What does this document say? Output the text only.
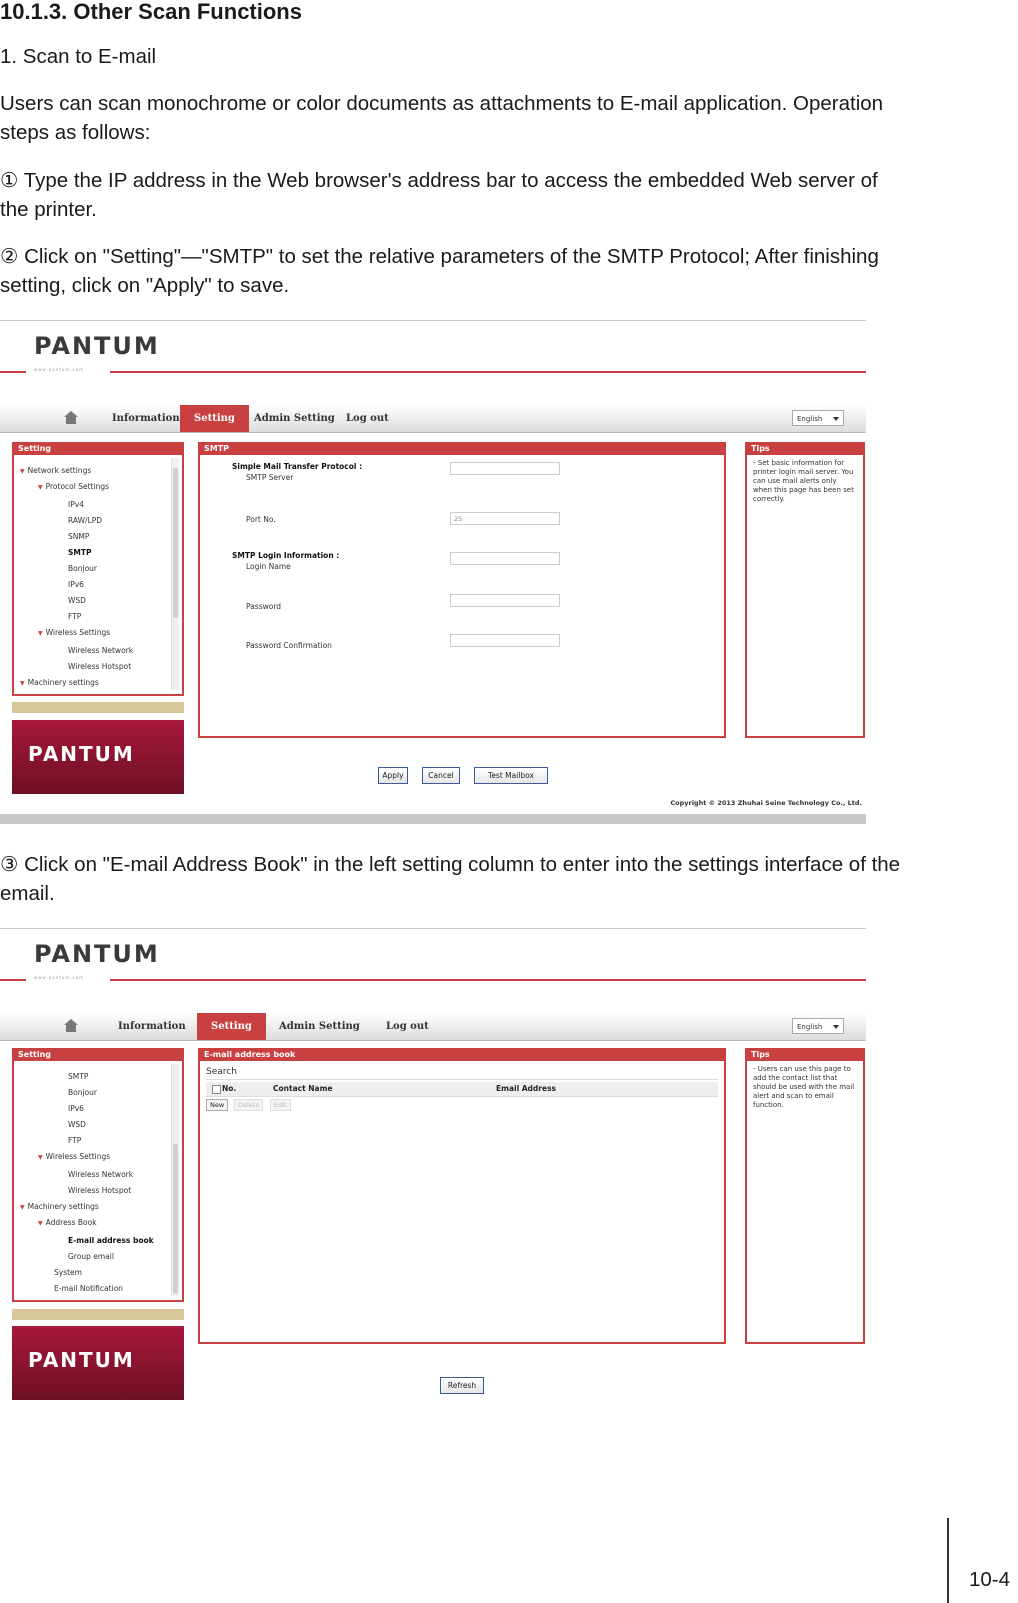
10.1.3. Other Scan Functions

1. Scan to E-mail

Users can scan monochrome or color documents as attachments to E-mail application. Operation steps as follows:

① Type the IP address in the Web browser's address bar to access the embedded Web server of the printer.

② Click on "Setting"—"SMTP" to set the relative parameters of the SMTP Protocol; After finishing setting, click on "Apply" to save.

PANTUM
www.pantum.com
Information	Setting	Admin Setting Log out	English
Setting
▼ Network settings
▼ Protocol Settings
IPv4
RAW/LPD
SNMP
SMTP
Bonjour
IPv6
WSD
FTP
▼ Wireless Settings
Wireless Network
Wireless Hotspot
▼ Machinery settings
PANTUM
SMTP
Simple Mail Transfer Protocol :
SMTP Server
Port No.	25
SMTP Login Information :
Login Name
Password
Password Confirmation
Tips
- Set basic information for printer login mail server. You can use mail alerts only when this page has been set correctly.
Apply	Cancel	Test Mailbox
Copyright © 2013 Zhuhai Seine Technology Co., Ltd.

③ Click on "E-mail Address Book" in the left setting column to enter into the settings interface of the email.

PANTUM
www.pantum.com
Information	Setting	Admin Setting	Log out	English
Setting
SMTP
Bonjour
IPv6
WSD
FTP
▼ Wireless Settings
Wireless Network
Wireless Hotspot
▼ Machinery settings
▼ Address Book
E-mail address book
Group email
System
E-mail Notification
PANTUM
E-mail address book
Search
No.	Contact Name	Email Address
New	Delete	Edit
Tips
- Users can use this page to add the contact list that should be used with the mail alert and scan to email function.
Refresh
10-4
